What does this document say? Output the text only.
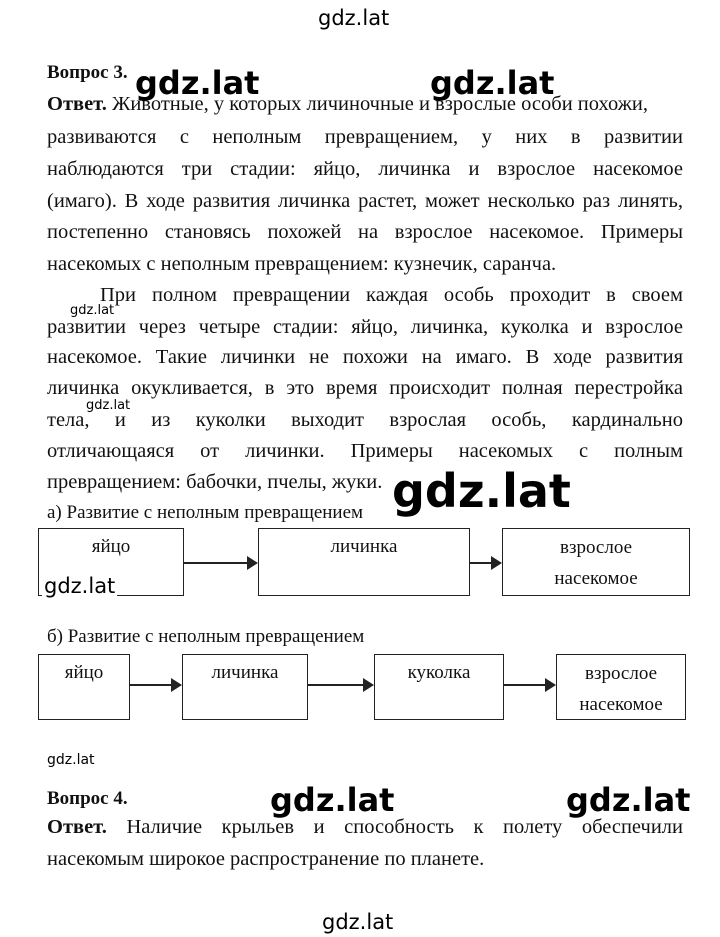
gdz.lat
Вопрос 3. gdz.lat	gdz.lat
Ответ. Животные, у которых личиночные и взрослые особи похожи,
развиваются с неполным превращением, у них в развитии
наблюдаются три стадии: яйцо, личинка и взрослое насекомое
(имаго). В ходе развития личинка растет, может несколько раз линять,
постепенно становясь похожей на взрослое насекомое. Примеры
насекомых с неполным превращением: кузнечик, саранча.
gdz.lat
При полном превращении каждая особь проходит в своем
развитии через четыре стадии: яйцо, личинка, куколка и взрослое
насекомое. Такие личинки не похожи на имаго. В ходе развития
личинка окукливается, в это время происходит полная перестройка
gdz.lat
тела, и из куколки выходит взрослая особь, кардинально
отличающаяся от личинки. Примеры насекомых с полным
превращением: бабочки, пчелы, жуки. gdz.lat
а) Развитие с неполным превращением
яйцо	личинка	взрослое насекомое
gdz.lat
б) Развитие с неполным превращением
яйцо	личинка	куколка	взрослое насекомое
gdz.lat
Вопрос 4.	gdz.lat	gdz.lat
Ответ. Наличие крыльев и способность к полету обеспечили
насекомым широкое распространение по планете.
gdz.lat
